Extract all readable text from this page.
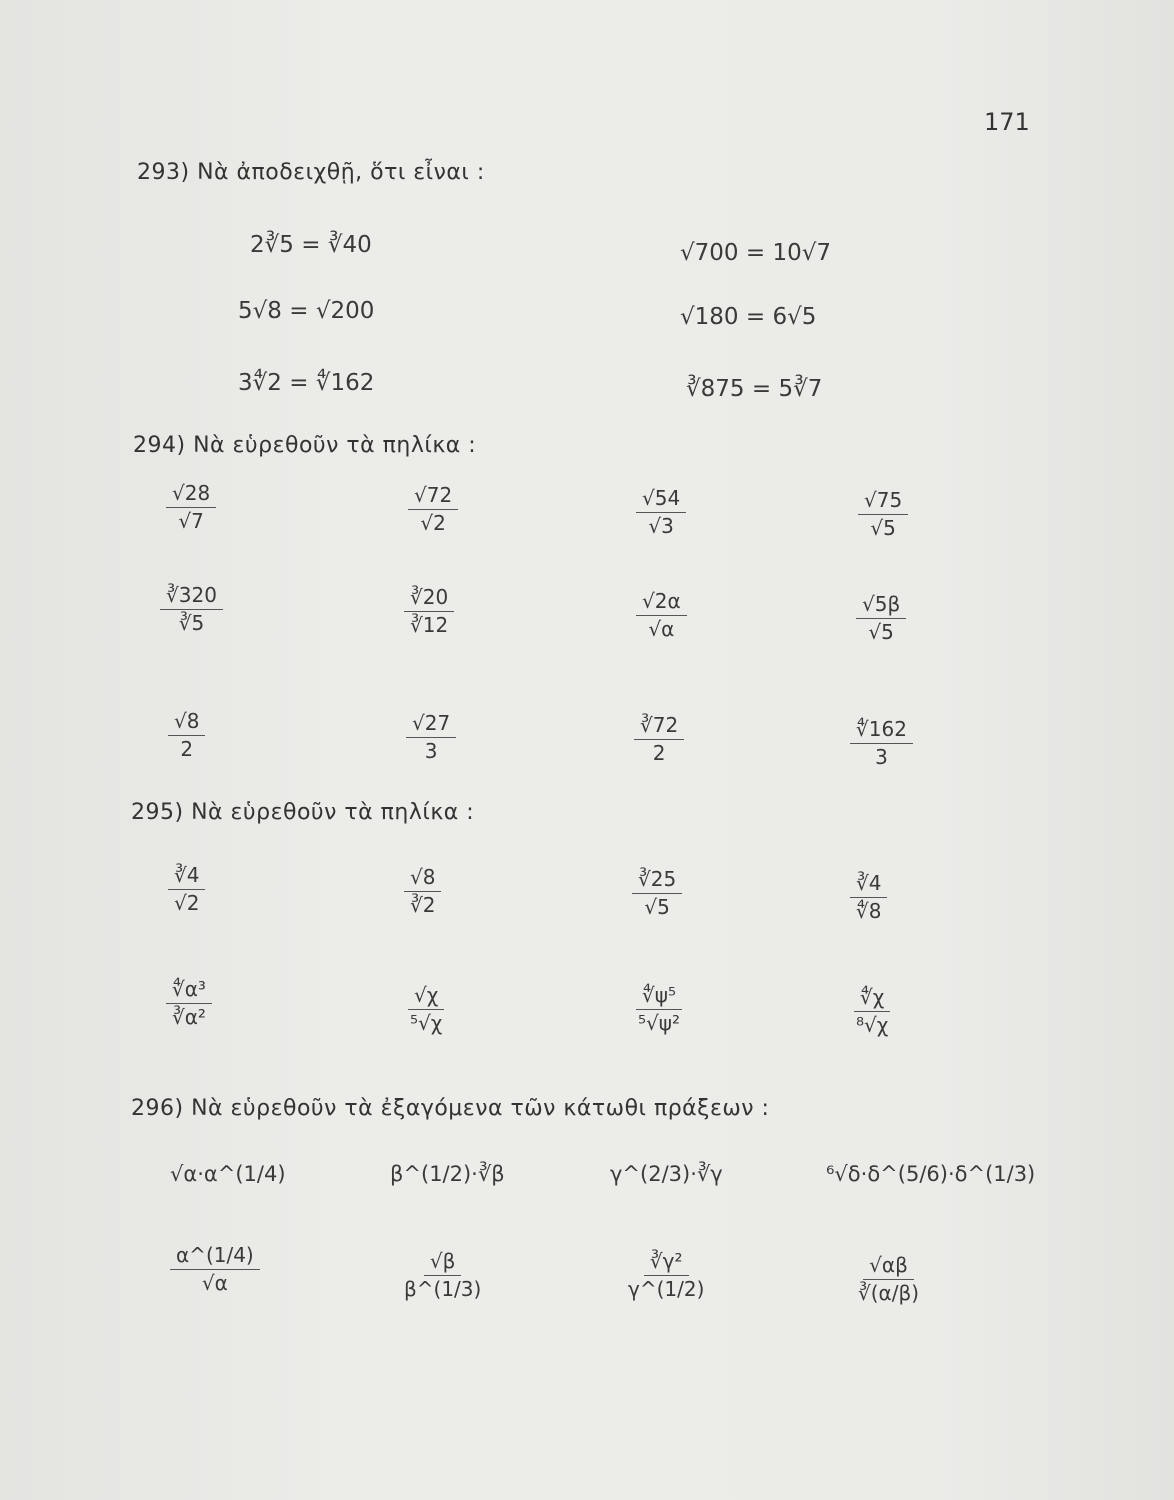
171
293) Νὰ ἀποδειχθῇ, ὅτι εἶναι :
2∛5 = ∛40	√700 = 10√7
5√8 = √200	√180 = 6√5
3∜2 = ∜162	∛875 = 5∛7
294) Νὰ εὑρεθοῦν τὰ πηλίκα :
$\frac{√28}{√7}$	$\frac{√72}{√2}$	$\frac{√54}{√3}$	$\frac{√75}{√5}$
$\frac{∛320}{∛5}$	$\frac{∛20}{∛12}$	$\frac{√2\alpha}{√\alpha}$	$\frac{√5\beta}{√5}$
$\frac{√8}{2}$	$\frac{√27}{3}$	$\frac{∛72}{2}$	$\frac{∜162}{3}$
295) Νὰ εὑρεθοῦν τὰ πηλίκα :
$\frac{∛4}{√2}$	$\frac{√8}{∛2}$	$\frac{∛25}{√5}$	$\frac{∛4}{∜8}$
$\frac{\text{∜α³}}{\text{∛α²}}$	$\frac{√\chi}{\text{⁵√χ}}$	$\frac{\text{∜ψ⁵}}{\text{⁵√ψ²}}$	$\frac{∜\chi}{\text{⁸√χ}}$
296) Νὰ εὑρεθοῦν τὰ ἐξαγόμενα τῶν κάτωθι πράξεων :
√α·α^(1/4)	β^(1/2)·∛β	γ^(2/3)·∛γ	⁶√δ·δ^(5/6)·δ^(1/3)
$\frac{\alpha\^{}(1/4)}{√\alpha}$	$\frac{√\beta}{\beta\^{}(1/3)}$	$\frac{\text{∛γ²}}{\gamma\^{}(1/2)}$	$\frac{√\alpha\beta}{∛(\alpha/\beta)}$
